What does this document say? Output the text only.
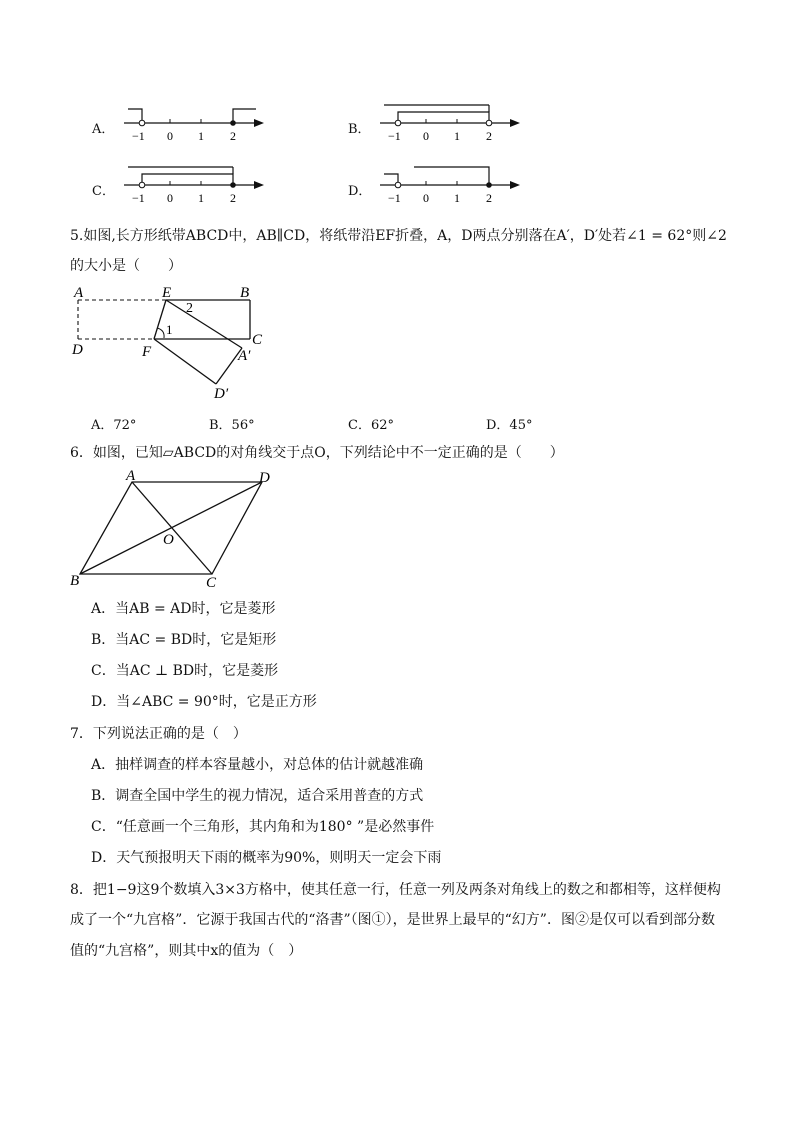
A． −1 0 1 2	B． −1 0 1 2
C． −1 0 1 2	D． −1 0 1 2
5.如图,长方形纸带ABCD中，AB∥CD，将纸带沿EF折叠，A，D两点分别落在A′，D′处若∠1 = 62°则∠2
的大小是（　　）
A	E
2
B
1
C
D	F	A′
D′
A．72°	B．56°	C．62°	D．45°
6．如图，已知▱ABCD的对角线交于点O，下列结论中不一定正确的是（　　）
A	D
O
B	C
A．当AB = AD时，它是菱形
B．当AC = BD时，它是矩形
C．当AC ⊥ BD时，它是菱形
D．当∠ABC = 90°时，它是正方形
7．下列说法正确的是（　）
A．抽样调查的样本容量越小，对总体的估计就越准确
B．调查全国中学生的视力情况，适合采用普查的方式
C．“任意画一个三角形，其内角和为180° ”是必然事件
D．天气预报明天下雨的概率为90%，则明天一定会下雨
8．把1−9这9个数填入3×3方格中，使其任意一行，任意一列及两条对角线上的数之和都相等，这样便构
成了一个“九宫格”．它源于我国古代的“洛書”（图①），是世界上最早的“幻方”．图②是仅可以看到部分数
值的“九宫格”，则其中x的值为（　）
